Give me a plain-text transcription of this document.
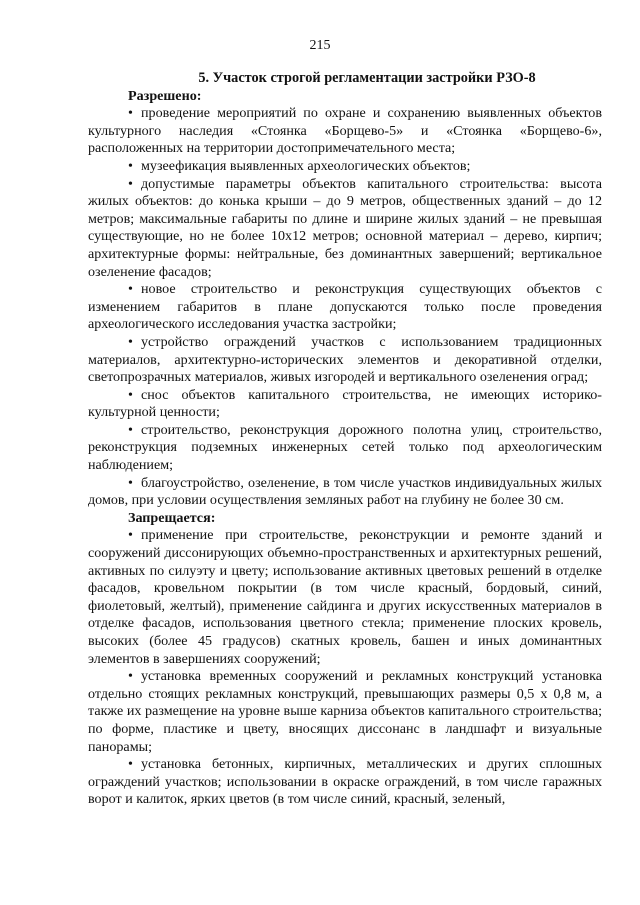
215

5. Участок строгой регламентации застройки РЗО-8

Разрешено:

• проведение мероприятий по охране и сохранению выявленных объектов культурного наследия «Стоянка «Борщево-5» и «Стоянка «Борщево-6», расположенных на территории достопримечательного места;

• музеефикация выявленных археологических объектов;

• допустимые параметры объектов капитального строительства: высота жилых объектов: до конька крыши – до 9 метров, общественных зданий – до 12 метров; максимальные габариты по длине и ширине жилых зданий – не превышая существующие, но не более 10х12 метров; основной материал – дерево, кирпич; архитектурные формы: нейтральные, без доминантных завершений; вертикальное озеленение фасадов;

• новое строительство и реконструкция существующих объектов с изменением габаритов в плане допускаются только после проведения археологического исследования участка застройки;

• устройство ограждений участков с использованием традиционных материалов, архитектурно-исторических элементов и декоративной отделки, светопрозрачных материалов, живых изгородей и вертикального озеленения оград;

• снос объектов капитального строительства, не имеющих историко-культурной ценности;

• строительство, реконструкция дорожного полотна улиц, строительство, реконструкция подземных инженерных сетей только под археологическим наблюдением;

• благоустройство, озеленение, в том числе участков индивидуальных жилых домов, при условии осуществления земляных работ на глубину не более 30 см.

Запрещается:

• применение при строительстве, реконструкции и ремонте зданий и сооружений диссонирующих объемно-пространственных и архитектурных решений, активных по силуэту и цвету; использование активных цветовых решений в отделке фасадов, кровельном покрытии (в том числе красный, бордовый, синий, фиолетовый, желтый), применение сайдинга и других искусственных материалов в отделке фасадов, использования цветного стекла; применение плоских кровель, высоких (более 45 градусов) скатных кровель, башен и иных доминантных элементов в завершениях сооружений;

• установка временных сооружений и рекламных конструкций установка отдельно стоящих рекламных конструкций, превышающих размеры 0,5 х 0,8 м, а также их размещение на уровне выше карниза объектов капитального строительства; по форме, пластике и цвету, вносящих диссонанс в ландшафт и визуальные панорамы;

• установка бетонных, кирпичных, металлических и других сплошных ограждений участков; использовании в окраске ограждений, в том числе гаражных ворот и калиток, ярких цветов (в том числе синий, красный, зеленый,
